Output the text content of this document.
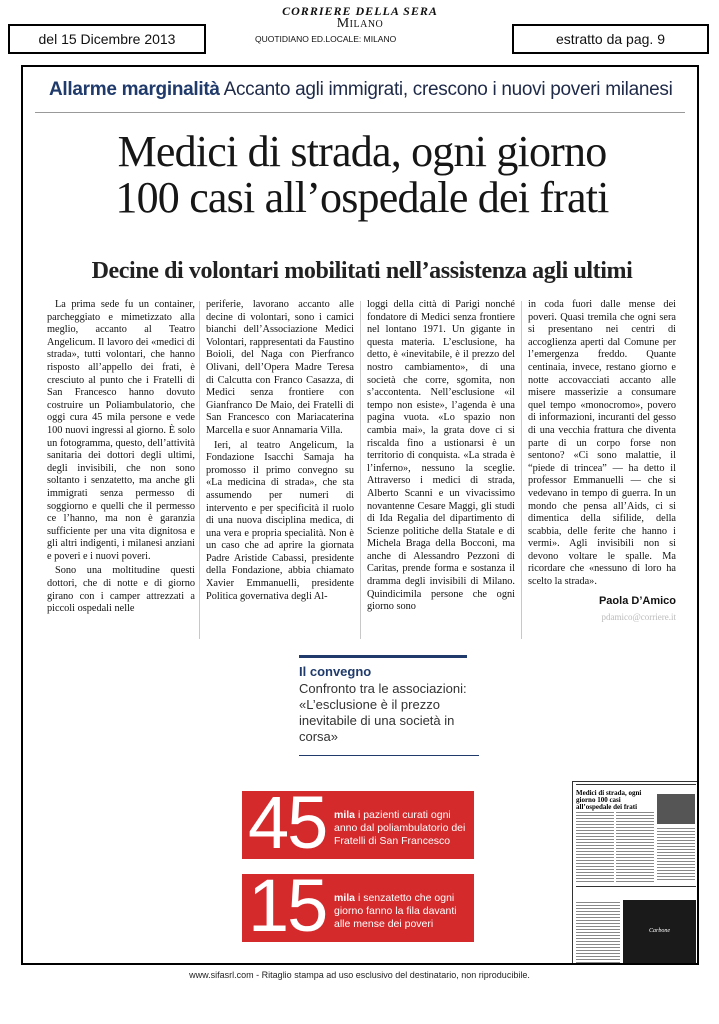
del 15 Dicembre 2013
CORRIERE DELLA SERA
Milano
QUOTIDIANO ED.LOCALE: MILANO	estratto da pag. 9
Allarme marginalità Accanto agli immigrati, crescono i nuovi poveri milanesi
Medici di strada, ogni giorno
100 casi all’ospedale dei frati
Decine di volontari mobilitati nell’assistenza agli ultimi

La prima sede fu un container, parcheggiato e mimetizzato alla meglio, accanto al Teatro Angelicum. Il lavoro dei «medici di strada», tutti volontari, che hanno risposto all’appello dei frati, è cresciuto al punto che i Fratelli di San Francesco hanno dovuto costruire un Poliambulatorio, che oggi cura 45 mila persone e vede 100 nuovi ingressi al giorno. È solo un fotogramma, questo, dell’attività sanitaria dei dottori degli ultimi, degli invisibili, che non sono soltanto i senzatetto, ma anche gli immigrati senza permesso di soggiorno e quelli che il permesso ce l’hanno, ma non è garanzia sufficiente per una vita dignitosa e gli altri indigenti, i milanesi anziani e poveri e i nuovi poveri.

Sono una moltitudine questi dottori, che di notte e di giorno girano con i camper attrezzati a piccoli ospedali nelle

periferie, lavorano accanto alle decine di volontari, sono i camici bianchi dell’Associazione Medici Volontari, rappresentati da Faustino Boioli, del Naga con Pierfranco Olivani, dell’Opera Madre Teresa di Calcutta con Franco Casazza, di Medici senza frontiere con Gianfranco De Maio, dei Fratelli di San Francesco con Mariacaterina Marcella e suor Annamaria Villa.

Ieri, al teatro Angelicum, la Fondazione Isacchi Samaja ha promosso il primo convegno su «La medicina di strada», che sta assumendo per numeri di intervento e per specificità il ruolo di una nuova disciplina medica, di una vera e propria specialità. Non è un caso che ad aprire la giornata Padre Aristide Cabassi, presidente della Fondazione, abbia chiamato Xavier Emmanuelli, presidente Politica governativa degli Al-

loggi della città di Parigi nonché fondatore di Medici senza frontiere nel lontano 1971. Un gigante in questa materia. L’esclusione, ha detto, è «inevitabile, è il prezzo del nostro cambiamento», di una società che corre, sgomita, non s’accontenta. Nell’esclusione «il tempo non esiste», l’agenda è una pagina vuota. «Lo spazio non cambia mai», la grata dove ci si riscalda fino a ustionarsi è un territorio di conquista. «La strada è l’inferno», nessuno la sceglie. Attraverso i medici di strada, Alberto Scanni e un vivacissimo novantenne Cesare Maggi, gli studi di Ida Regalia del dipartimento di Scienze politiche della Statale e di Michela Braga della Bocconi, ma anche di Alessandro Pezzoni di Caritas, prende forma e sostanza il dramma degli invisibili di Milano. Quindicimila persone che ogni giorno sono

in coda fuori dalle mense dei poveri. Quasi tremila che ogni sera si presentano nei centri di accoglienza aperti dal Comune per l’emergenza freddo. Quante centinaia, invece, restano giorno e notte accovacciati accanto alle misere masserizie a consumare quel tempo «monocromo», povero di informazioni, incuranti del gesso di una vecchia frattura che diventa parte di un corpo forse non sentono? «Ci sono malattie, il “piede di trincea” — ha detto il professor Emmanuelli — che si vedevano in tempo di guerra. In un mondo che pensa all’Aids, ci si dimentica della sifilide, della scabbia, delle ferite che hanno i vermi». Agli invisibili non si devono voltare le spalle. Ma ricordare che «nessuno di loro ha scelto la strada».

Paola D’Amico
pdamico@corriere.it
Il convegno
Confronto tra le associazioni: «L’esclusione è il prezzo inevitabile di una società in corsa»
45 mila i pazienti curati ogni anno dal poliambulatorio dei Fratelli di San Francesco
15 mila i senzatetto che ogni giorno fanno la fila davanti alle mense dei poveri
Medici di strada, ogni giorno 100 casi all’ospedale dei frati
Carbone
www.sifasrl.com - Ritaglio stampa ad uso esclusivo del destinatario, non riproducibile.
